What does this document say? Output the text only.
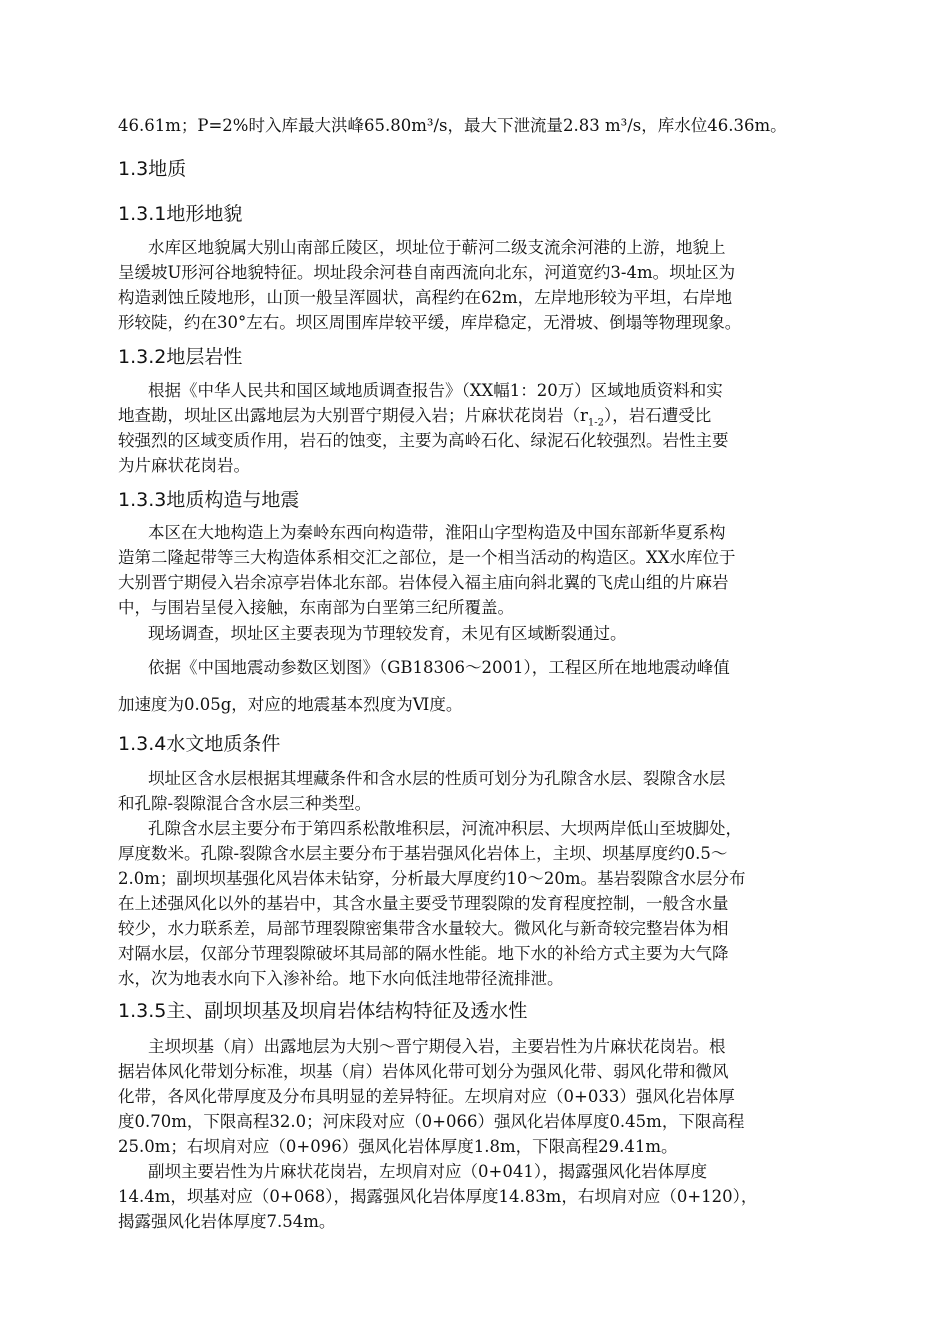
46.61m；P=2%时入库最大洪峰65.80m³/s，最大下泄流量2.83 m³/s，库水位46.36m。
1.3地质
1.3.1地形地貌
水库区地貌属大别山南部丘陵区，坝址位于蕲河二级支流余河港的上游，地貌上
呈缓坡U形河谷地貌特征。坝址段余河巷自南西流向北东，河道宽约3-4m。坝址区为
构造剥蚀丘陵地形，山顶一般呈浑圆状，高程约在62m，左岸地形较为平坦，右岸地
形较陡，约在30°左右。坝区周围库岸较平缓，库岸稳定，无滑坡、倒塌等物理现象。
1.3.2地层岩性
根据《中华人民共和国区域地质调查报告》（XX幅1：20万）区域地质资料和实
地查勘，坝址区出露地层为大别晋宁期侵入岩；片麻状花岗岩$(r_{1-2})$，岩石遭受比
较强烈的区域变质作用，岩石的蚀变，主要为高岭石化、绿泥石化较强烈。岩性主要
为片麻状花岗岩。
1.3.3地质构造与地震
本区在大地构造上为秦岭东西向构造带，淮阳山字型构造及中国东部新华夏系构
造第二隆起带等三大构造体系相交汇之部位，是一个相当活动的构造区。XX水库位于
大别晋宁期侵入岩余凉亭岩体北东部。岩体侵入福主庙向斜北翼的飞虎山组的片麻岩
中，与围岩呈侵入接触，东南部为白垩第三纪所覆盖。
现场调查，坝址区主要表现为节理较发育，未见有区域断裂通过。
依据《中国地震动参数区划图》（GB18306～2001），工程区所在地地震动峰值
加速度为0.05g，对应的地震基本烈度为Ⅵ度。
1.3.4水文地质条件
坝址区含水层根据其埋藏条件和含水层的性质可划分为孔隙含水层、裂隙含水层
和孔隙-裂隙混合含水层三种类型。
孔隙含水层主要分布于第四系松散堆积层，河流冲积层、大坝两岸低山至坡脚处，
厚度数米。孔隙-裂隙含水层主要分布于基岩强风化岩体上，主坝、坝基厚度约0.5～
2.0m；副坝坝基强化风岩体未钻穿，分析最大厚度约10～20m。基岩裂隙含水层分布
在上述强风化以外的基岩中，其含水量主要受节理裂隙的发育程度控制，一般含水量
较少，水力联系差，局部节理裂隙密集带含水量较大。微风化与新奇较完整岩体为相
对隔水层，仅部分节理裂隙破坏其局部的隔水性能。地下水的补给方式主要为大气降
水，次为地表水向下入渗补给。地下水向低洼地带径流排泄。
1.3.5主、副坝坝基及坝肩岩体结构特征及透水性
主坝坝基（肩）出露地层为大别～晋宁期侵入岩，主要岩性为片麻状花岗岩。根
据岩体风化带划分标准，坝基（肩）岩体风化带可划分为强风化带、弱风化带和微风
化带，各风化带厚度及分布具明显的差异特征。左坝肩对应（0+033）强风化岩体厚
度0.70m，下限高程32.0；河床段对应（0+066）强风化岩体厚度0.45m，下限高程
25.0m；右坝肩对应（0+096）强风化岩体厚度1.8m，下限高程29.41m。
副坝主要岩性为片麻状花岗岩，左坝肩对应（0+041），揭露强风化岩体厚度
14.4m，坝基对应（0+068），揭露强风化岩体厚度14.83m，右坝肩对应（0+120），
揭露强风化岩体厚度7.54m。
